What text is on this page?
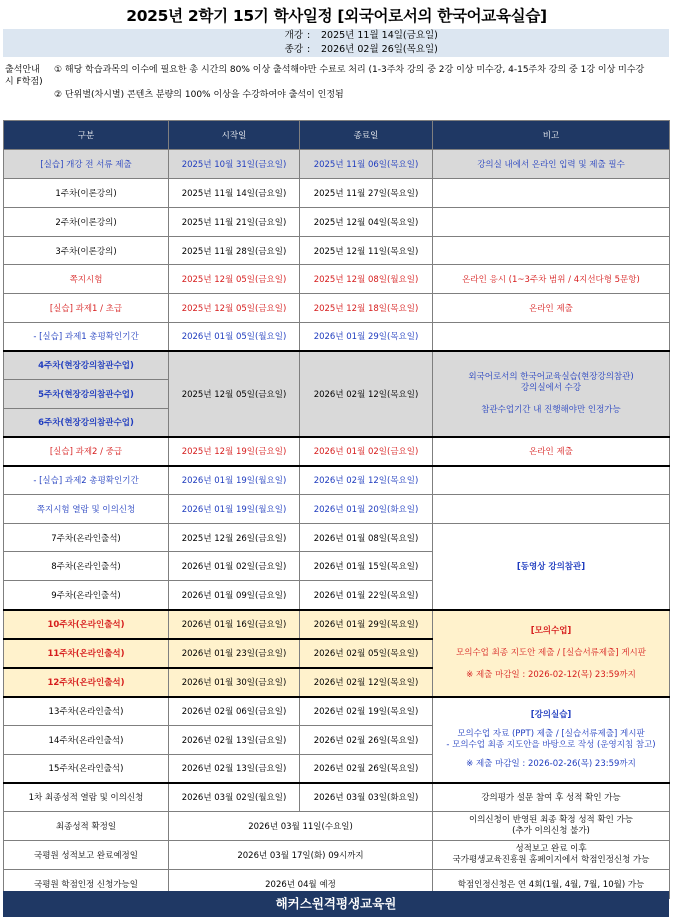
2025년 2학기 15기 학사일정 [외국어로서의 한국어교육실습]
개강 : 2025년 11월 14일(금요일)
종강 : 2026년 02월 26일(목요일)
출석안내 시 F학점)
① 해당 학습과목의 이수에 필요한 총 시간의 80% 이상 출석해야만 수료로 처리 (1-3주차 강의 중 2강 이상 미수강, 4-15주차 강의 중 1강 이상 미수강
② 단위별(차시별) 콘텐츠 분량의 100% 이상을 수강하여야 출석이 인정됨
구분	시작일	종료일	비고
[실습] 개강 전 서류 제출	2025년 10월 31일(금요일)	2025년 11월 06일(목요일)	강의실 내에서 온라인 입력 및 제출 필수
1주차(이론강의)	2025년 11월 14일(금요일)	2025년 11월 27일(목요일)	
2주차(이론강의)	2025년 11월 21일(금요일)	2025년 12월 04일(목요일)	
3주차(이론강의)	2025년 11월 28일(금요일)	2025년 12월 11일(목요일)	
쪽지시험	2025년 12월 05일(금요일)	2025년 12월 08일(월요일)	온라인 응시 (1~3주차 범위 / 4지선다형 5문항)
[실습] 과제1 / 초급	2025년 12월 05일(금요일)	2025년 12월 18일(목요일)	온라인 제출
- [실습] 과제1 총평확인기간	2026년 01월 05일(월요일)	2026년 01월 29일(목요일)	
4주차(현장강의참관수업)	2025년 12월 05일(금요일)	2026년 02월 12일(목요일)	외국어로서의 한국어교육실습(현장강의참관)
강의실에서 수강
참관수업기간 내 진행해야만 인정가능

5주차(현장강의참관수업)			
6주차(현장강의참관수업)			
[실습] 과제2 / 중급	2025년 12월 19일(금요일)	2026년 01월 02일(금요일)	온라인 제출
- [실습] 과제2 총평확인기간	2026년 01월 19일(월요일)	2026년 02월 12일(목요일)	
쪽지시험 열람 및 이의신청	2026년 01월 19일(월요일)	2026년 01월 20일(화요일)	
7주차(온라인출석)	2025년 12월 26일(금요일)	2026년 01월 08일(목요일)	[동영상 강의참관]
8주차(온라인출석)	2026년 01월 02일(금요일)	2026년 01월 15일(목요일)	
9주차(온라인출석)	2026년 01월 09일(금요일)	2026년 01월 22일(목요일)	
10주차(온라인출석)	2026년 01월 16일(금요일)	2026년 01월 29일(목요일)	[모의수업]
모의수업 최종 지도안 제출 / [실습서류제출] 게시판
※ 제출 마감일 : 2026-02-12(목) 23:59까지

11주차(온라인출석)	2026년 01월 23일(금요일)	2026년 02월 05일(목요일)	
12주차(온라인출석)	2026년 01월 30일(금요일)	2026년 02월 12일(목요일)	
13주차(온라인출석)	2026년 02월 06일(금요일)	2026년 02월 19일(목요일)	[강의실습]
모의수업 자료 (PPT) 제출 / [실습서류제출] 게시판
- 모의수업 최종 지도안을 바탕으로 작성 (운영지침 참고)
※ 제출 마감일 : 2026-02-26(목) 23:59까지

14주차(온라인출석)	2026년 02월 13일(금요일)	2026년 02월 26일(목요일)	
15주차(온라인출석)	2026년 02월 13일(금요일)	2026년 02월 26일(목요일)	
1차 최종성적 열람 및 이의신청	2026년 03월 02일(월요일)	2026년 03월 03일(화요일)	강의평가 설문 참여 후 성적 확인 가능
최종성적 확정일	2026년 03월 11일(수요일)		이의신청이 반영된 최종 확정 성적 확인 가능
(추가 이의신청 불가)

국평원 성적보고 완료예정일	2026년 03월 17일(화) 09시까지		성적보고 완료 이후
국가평생교육진흥원 홈페이지에서 학점인정신청 가능

국평원 학점인정 신청가능일	2026년 04월 예정		학점인정신청은 연 4회(1월, 4월, 7월, 10월) 가능
해커스원격평생교육원
